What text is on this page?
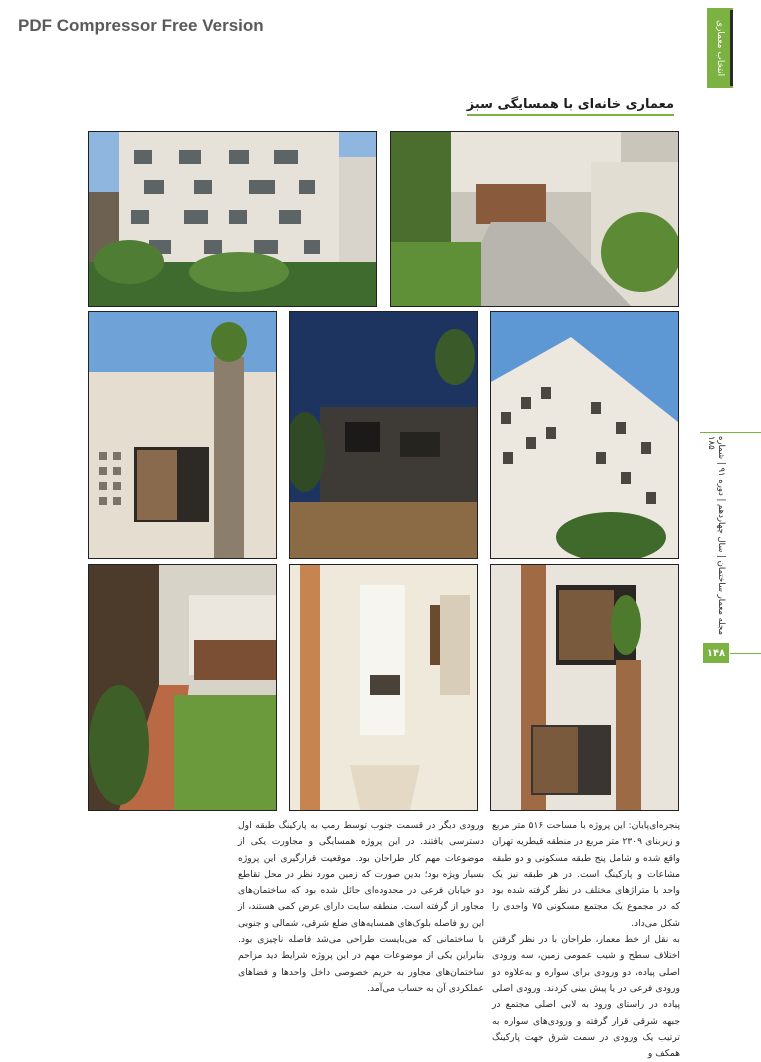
PDF Compressor Free Version	انتخاب معماری
معماری خانه‌ای با همسایگی سبز
مجله معمار ساختمان | سال چهاردهم | دوره ۹۱ | شماره ۱۸۵
۱۴۸

پنجره‌ای‌پایان: این پروژه با مساحت ۵۱۶ متر مربع و زیربنای ۲۳۰۹ متر مربع در منطقه قیطریه تهران واقع شده و شامل پنج طبقه مسکونی و دو طبقه مشاعات و پارکینگ است. در هر طبقه نیز یک واحد با متراژهای مختلف در نظر گرفته شده بود که در مجموع یک مجتمع مسکونی ۷۵ واحدی را شکل می‌داد.

به نقل از خط معمار، طراحان با در نظر گرفتن اختلاف سطح و شیب عمومی زمین، سه ورودی اصلی پیاده، دو ورودی برای سواره و به‌علاوه دو ورودی فرعی در یا پیش بینی کردند. ورودی اصلی پیاده در راستای ورود به لابی اصلی مجتمع در جبهه شرقی قرار گرفته و ورودی‌های سواره به ترتیب یک ورودی در سمت شرق جهت پارکینگ همکف و

ورودی دیگر در قسمت جنوب توسط رمپ به پارکینگ طبقه اول دسترسی یافتند. در این پروژه همسایگی و مجاورت یکی از موضوعات مهم کار طراحان بود. موقعیت قرارگیری این پروژه بسیار ویژه بود؛ بدین صورت که زمین مورد نظر در محل تقاطع دو خیابان فرعی در محدوده‌ای حائل شده بود که ساختمان‌های مجاور از گرفته است. منطقه سایت دارای عرض کمی هستند، از این رو فاصله بلوک‌های همسایه‌های ضلع شرقی، شمالی و جنوبی با ساختمانی که می‌بایست طراحی می‌شد فاصله ناچیزی بود. بنابراین یکی از موضوعات مهم در این پروژه شرایط دید مزاحم ساختمان‌های مجاور به حریم خصوصی داخل واحدها و فضاهای عملکردی آن به حساب می‌آمد.
